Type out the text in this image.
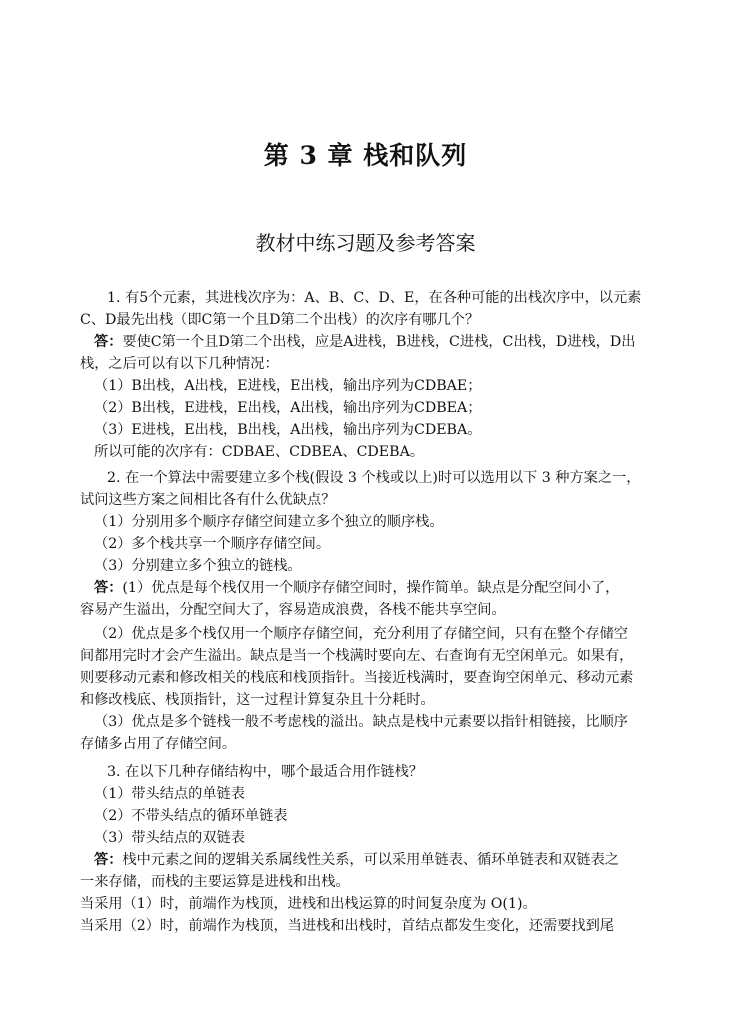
第 3 章 栈和队列
教材中练习题及参考答案
1. 有5个元素，其进栈次序为：A、B、C、D、E，在各种可能的出栈次序中，以元素
C、D最先出栈（即C第一个且D第二个出栈）的次序有哪几个？
答：要使C第一个且D第二个出栈，应是A进栈，B进栈，C进栈，C出栈，D进栈，D出
栈，之后可以有以下几种情况：
（1）B出栈，A出栈，E进栈，E出栈，输出序列为CDBAE；
（2）B出栈，E进栈，E出栈，A出栈，输出序列为CDBEA；
（3）E进栈，E出栈，B出栈，A出栈，输出序列为CDEBA。
所以可能的次序有：CDBAE、CDBEA、CDEBA。
2. 在一个算法中需要建立多个栈(假设 3 个栈或以上)时可以选用以下 3 种方案之一，
试问这些方案之间相比各有什么优缺点？
（1）分别用多个顺序存储空间建立多个独立的顺序栈。
（2）多个栈共享一个顺序存储空间。
（3）分别建立多个独立的链栈。
答：(1）优点是每个栈仅用一个顺序存储空间时，操作简单。缺点是分配空间小了，
容易产生溢出，分配空间大了，容易造成浪费，各栈不能共享空间。
（2）优点是多个栈仅用一个顺序存储空间，充分利用了存储空间，只有在整个存储空
间都用完时才会产生溢出。缺点是当一个栈满时要向左、右查询有无空闲单元。如果有，
则要移动元素和修改相关的栈底和栈顶指针。当接近栈满时，要查询空闲单元、移动元素
和修改栈底、栈顶指针，这一过程计算复杂且十分耗时。
（3）优点是多个链栈一般不考虑栈的溢出。缺点是栈中元素要以指针相链接，比顺序
存储多占用了存储空间。
3. 在以下几种存储结构中，哪个最适合用作链栈？
（1）带头结点的单链表
（2）不带头结点的循环单链表
（3）带头结点的双链表
答：栈中元素之间的逻辑关系属线性关系，可以采用单链表、循环单链表和双链表之
一来存储，而栈的主要运算是进栈和出栈。
当采用（1）时，前端作为栈顶，进栈和出栈运算的时间复杂度为 O(1)。
当采用（2）时，前端作为栈顶，当进栈和出栈时，首结点都发生变化，还需要找到尾
